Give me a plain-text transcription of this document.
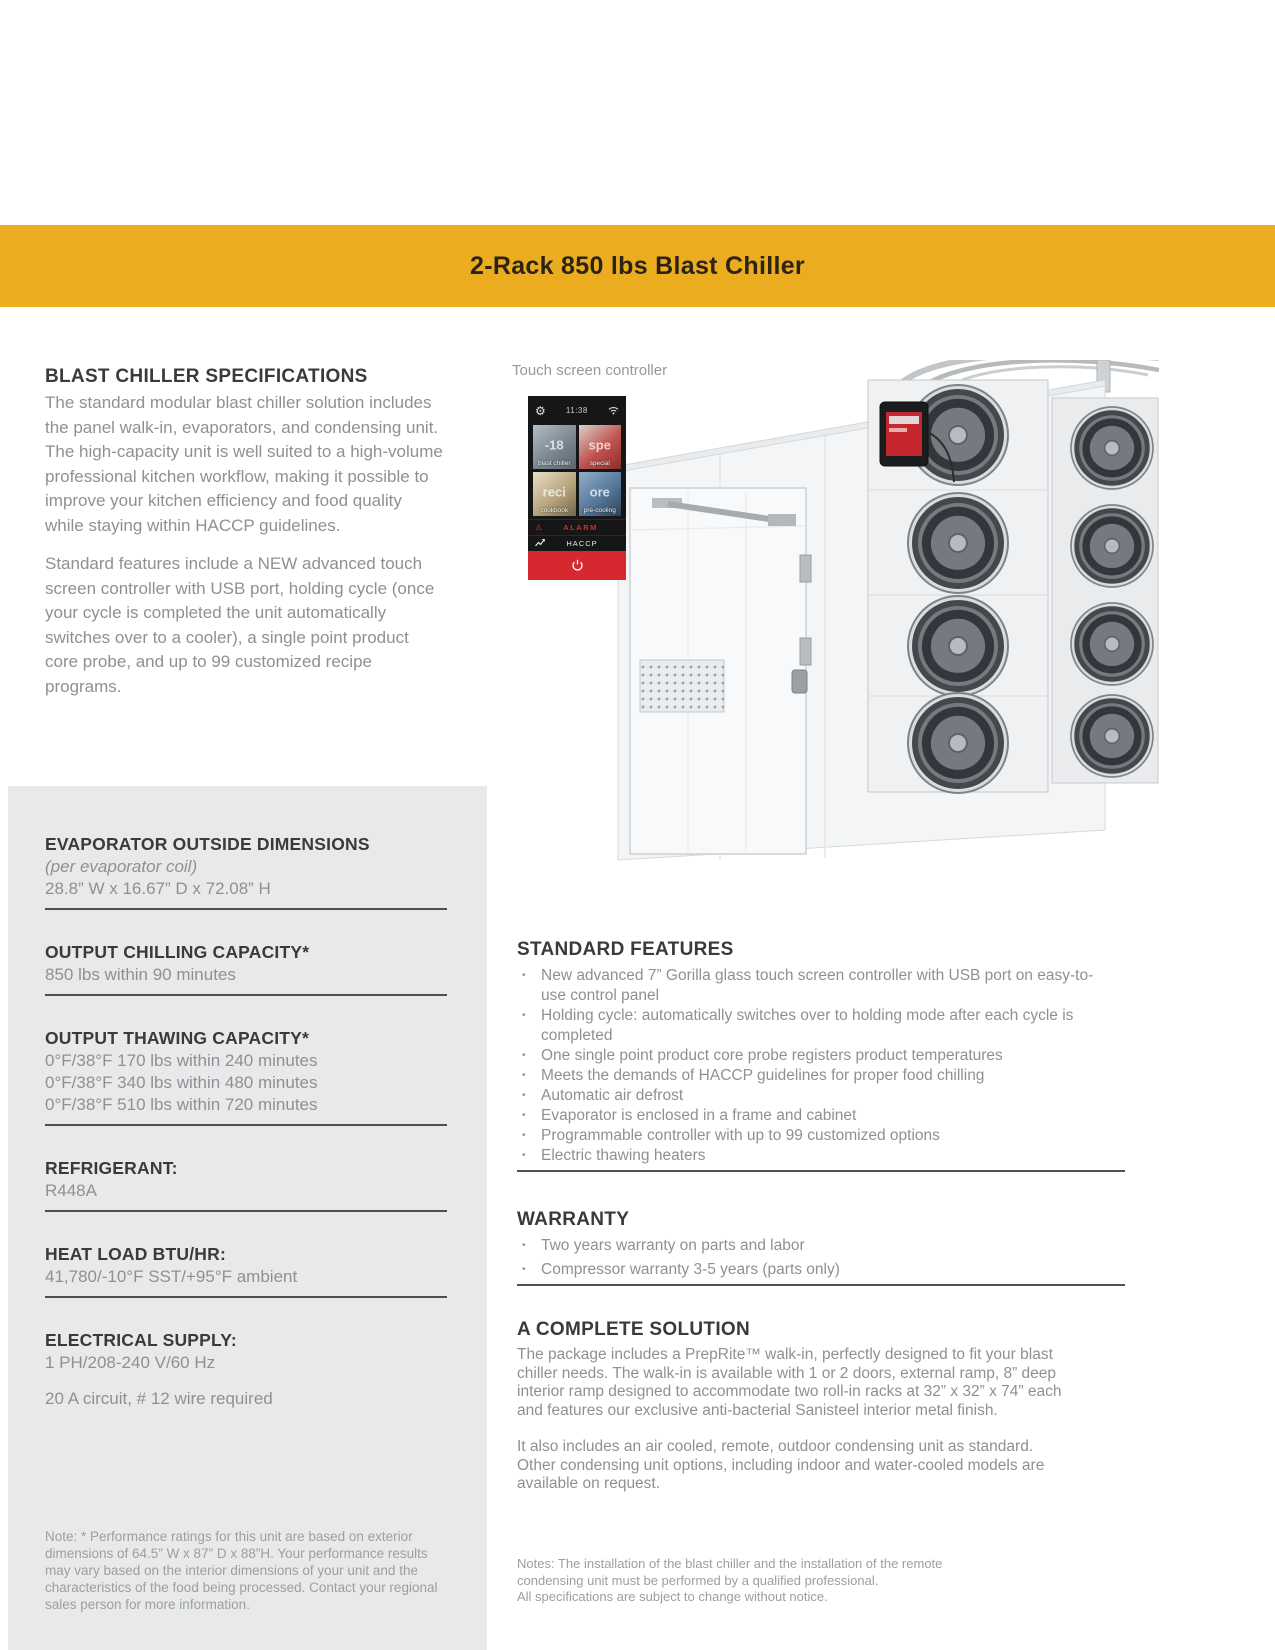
2-Rack 850 lbs Blast Chiller
BLAST CHILLER SPECIFICATIONS

The standard modular blast chiller solution includes the panel walk-in, evaporators, and condensing unit. The high-capacity unit is well suited to a high-volume professional kitchen workflow, making it possible to improve your kitchen efficiency and food quality while staying within HACCP guidelines.

Standard features include a NEW advanced touch screen controller with USB port, holding cycle (once your cycle is completed the unit automatically switches over to a cooler), a single point product core probe, and up to 99 customized recipe programs.

EVAPORATOR OUTSIDE DIMENSIONS
(per evaporator coil)
28.8” W x 16.67” D x 72.08” H
OUTPUT CHILLING CAPACITY*
850 lbs within 90 minutes
OUTPUT THAWING CAPACITY*
0°F/38°F 170 lbs within 240 minutes
0°F/38°F 340 lbs within 480 minutes
0°F/38°F 510 lbs within 720 minutes
REFRIGERANT:
R448A
HEAT LOAD BTU/HR:
41,780/-10°F SST/+95°F ambient
ELECTRICAL SUPPLY:
1 PH/208-240 V/60 Hz
20 A circuit, # 12 wire required
Note: * Performance ratings for this unit are based on exterior dimensions of 64.5” W x 87” D x 88”H. Your performance results may vary based on the interior dimensions of your unit and the characteristics of the food being processed. Contact your regional sales person for more information.
Touch screen controller
⚙	11:38
-18
blast chiller
spe
special
reci
cookbook
ore
pre-cooling
⚠	ALARM
HACCP
STANDARD FEATURES
• New advanced 7” Gorilla glass touch screen controller with USB port on easy-to-use control panel
• Holding cycle: automatically switches over to holding mode after each cycle is completed
• One single point product core probe registers product temperatures
• Meets the demands of HACCP guidelines for proper food chilling
• Automatic air defrost
• Evaporator is enclosed in a frame and cabinet
• Programmable controller with up to 99 customized options
• Electric thawing heaters
WARRANTY
• Two years warranty on parts and labor
• Compressor warranty 3-5 years (parts only)
A COMPLETE SOLUTION

The package includes a PrepRite™ walk-in, perfectly designed to fit your blast chiller needs. The walk-in is available with 1 or 2 doors, external ramp, 8” deep interior ramp designed to accommodate two roll-in racks at 32” x 32” x 74” each and features our exclusive anti-bacterial Sanisteel interior metal finish.

It also includes an air cooled, remote, outdoor condensing unit as standard. Other condensing unit options, including indoor and water-cooled models are available on request.

Notes: The installation of the blast chiller and the installation of the remote
condensing unit must be performed by a qualified professional.
All specifications are subject to change without notice.
